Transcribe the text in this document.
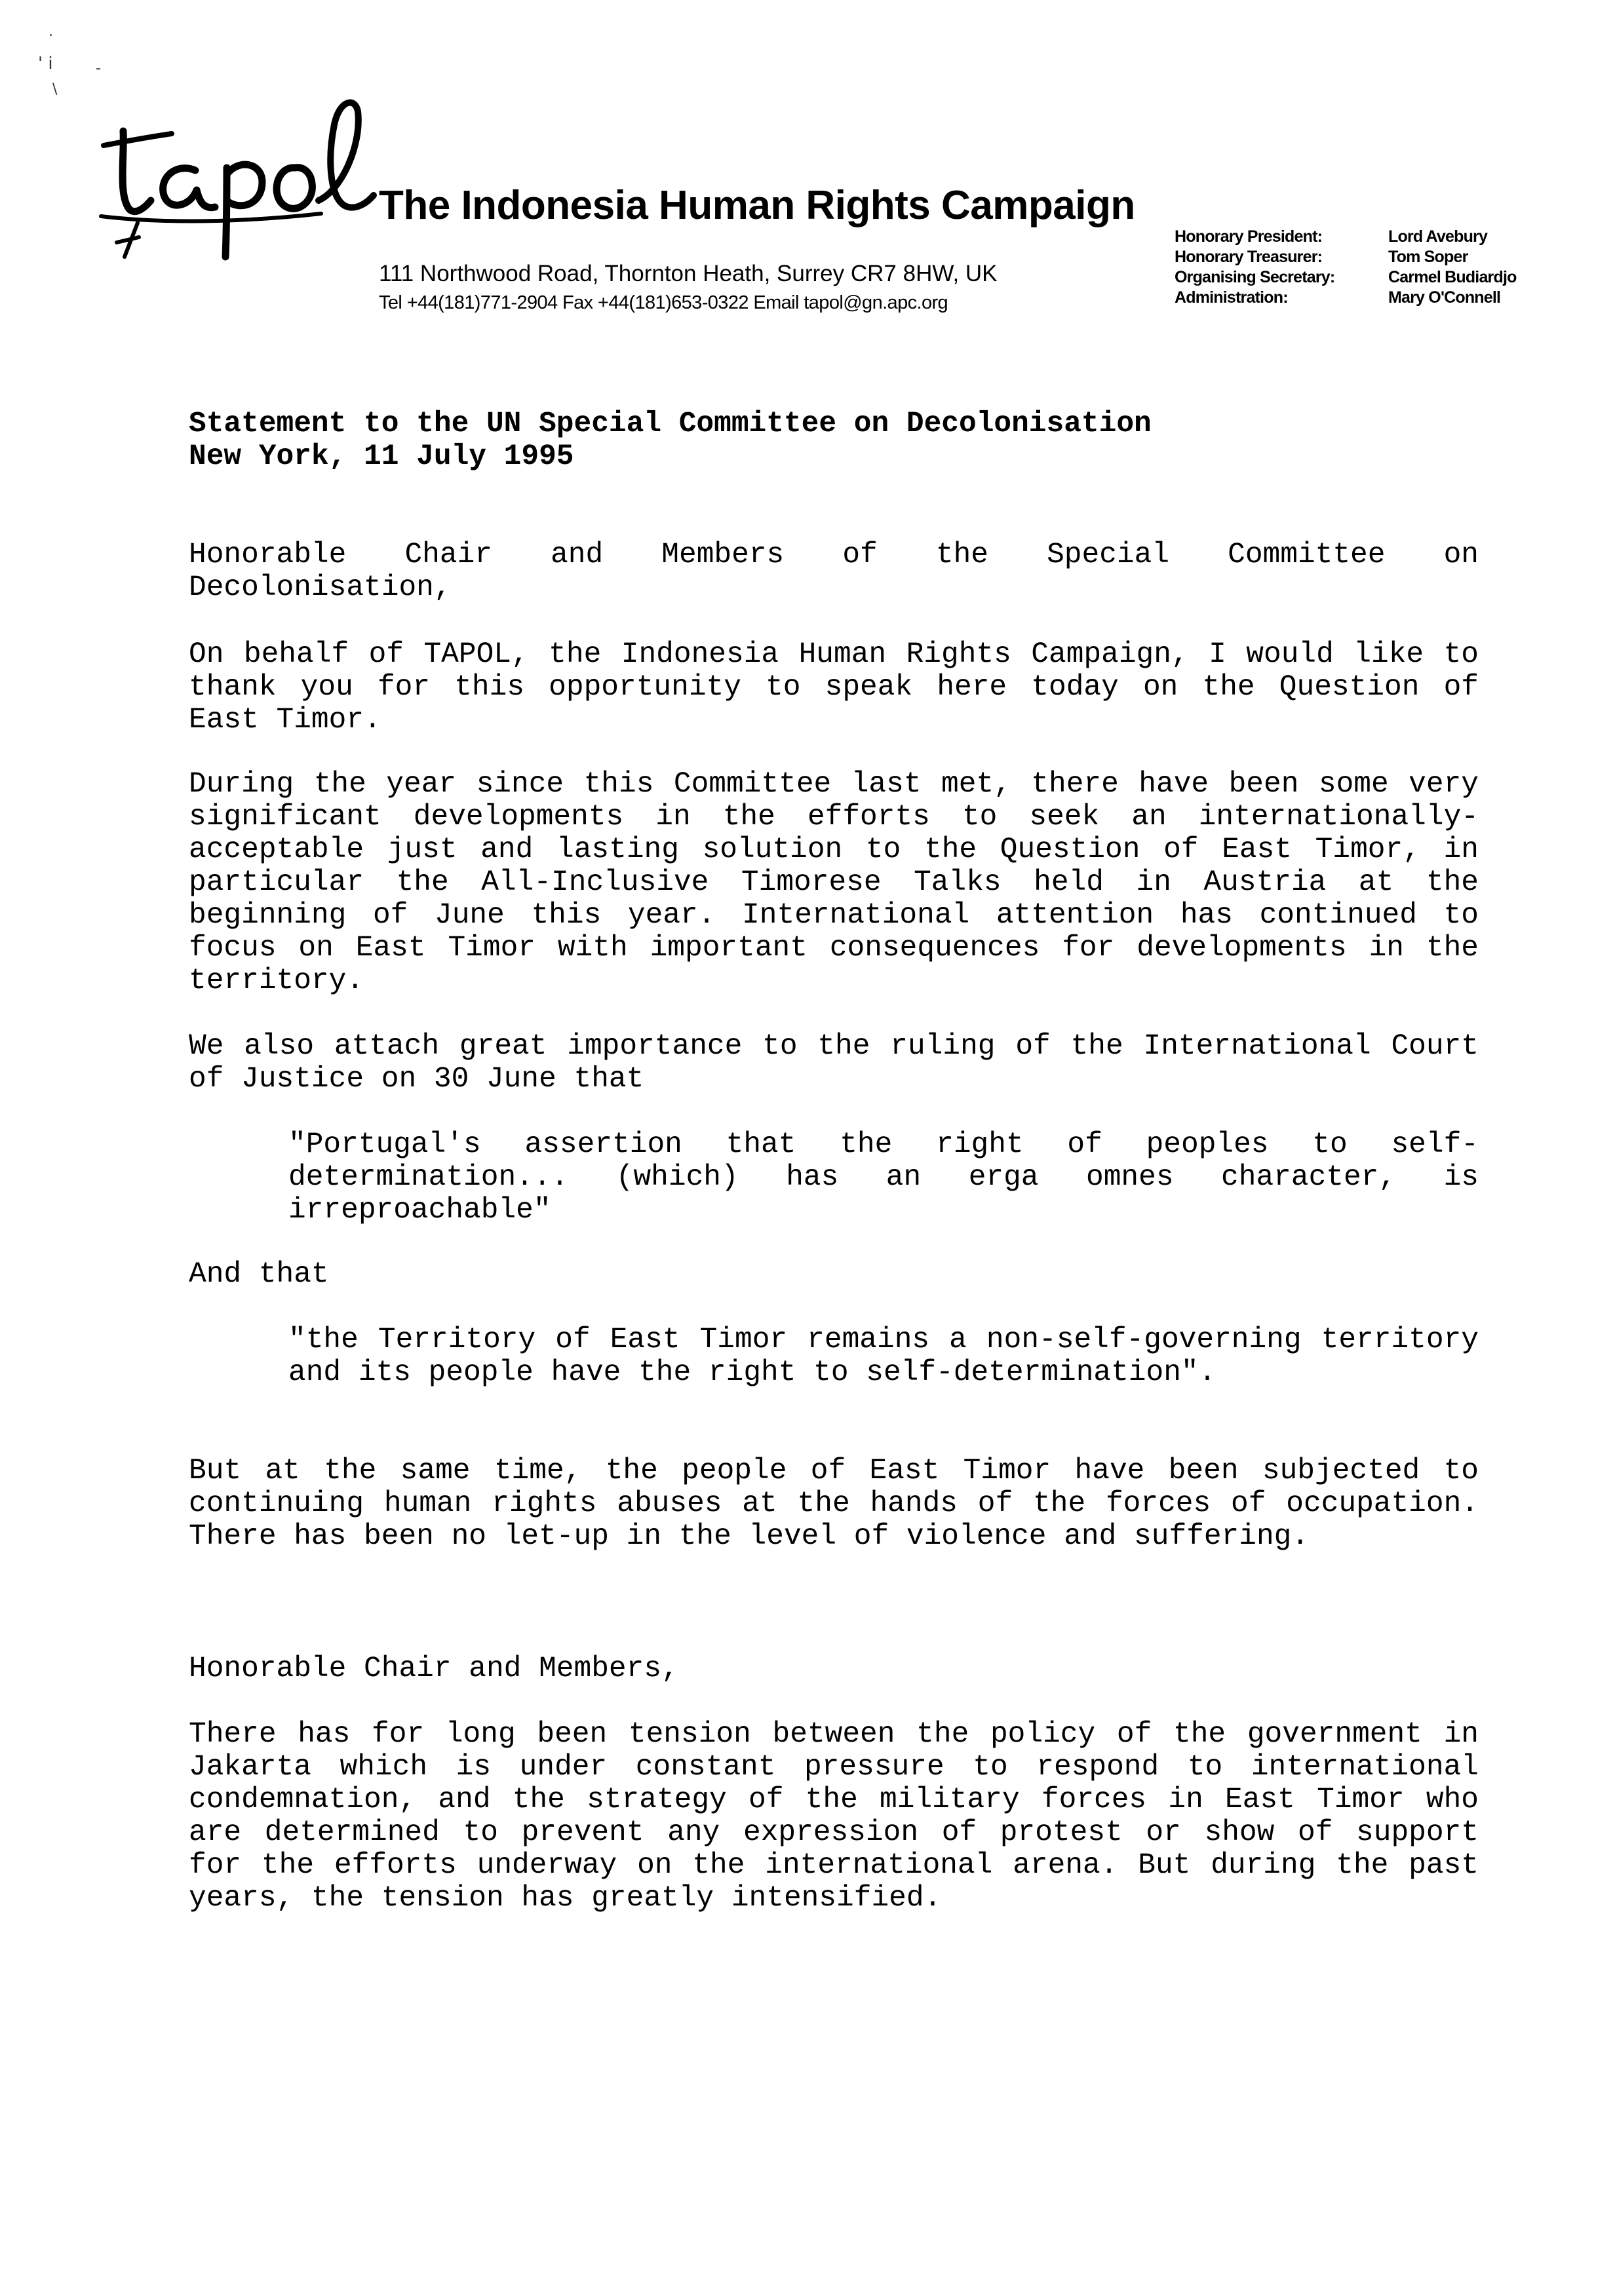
.
' i	-
\
The Indonesia Human Rights Campaign
111 Northwood Road, Thornton Heath, Surrey CR7 8HW, UK
Tel +44(181)771-2904 Fax +44(181)653-0322 Email tapol@gn.apc.org
Honorary President:	Lord Avebury
Honorary Treasurer:	Tom Soper
Organising Secretary:	Carmel Budiardjo
Administration:	Mary O'Connell
Statement to the UN Special Committee on Decolonisation
New York, 11 July 1995
Honorable Chair and Members of the Special Committee on
Decolonisation,

On behalf of TAPOL, the Indonesia Human Rights Campaign, I would like to thank you for this opportunity to speak here today on the Question of East Timor.

During the year since this Committee last met, there have been some very significant developments in the efforts to seek an internationally-acceptable just and lasting solution to the Question of East Timor, in particular the All-Inclusive Timorese Talks held in Austria at the beginning of June this year. International attention has continued to focus on East Timor with important consequences for developments in the territory.

We also attach great importance to the ruling of the International Court of Justice on 30 June that

"Portugal's assertion that the right of peoples to self-determination... (which) has an erga omnes character, is irreproachable"

And that

"the Territory of East Timor remains a non-self-governing territory and its people have the right to self-determination".

But at the same time, the people of East Timor have been subjected to continuing human rights abuses at the hands of the forces of occupation. There has been no let-up in the level of violence and suffering.

Honorable Chair and Members,

There has for long been tension between the policy of the government in Jakarta which is under constant pressure to respond to international condemnation, and the strategy of the military forces in East Timor who are determined to prevent any expression of protest or show of support for the efforts underway on the international arena. But during the past years, the tension has greatly intensified.
